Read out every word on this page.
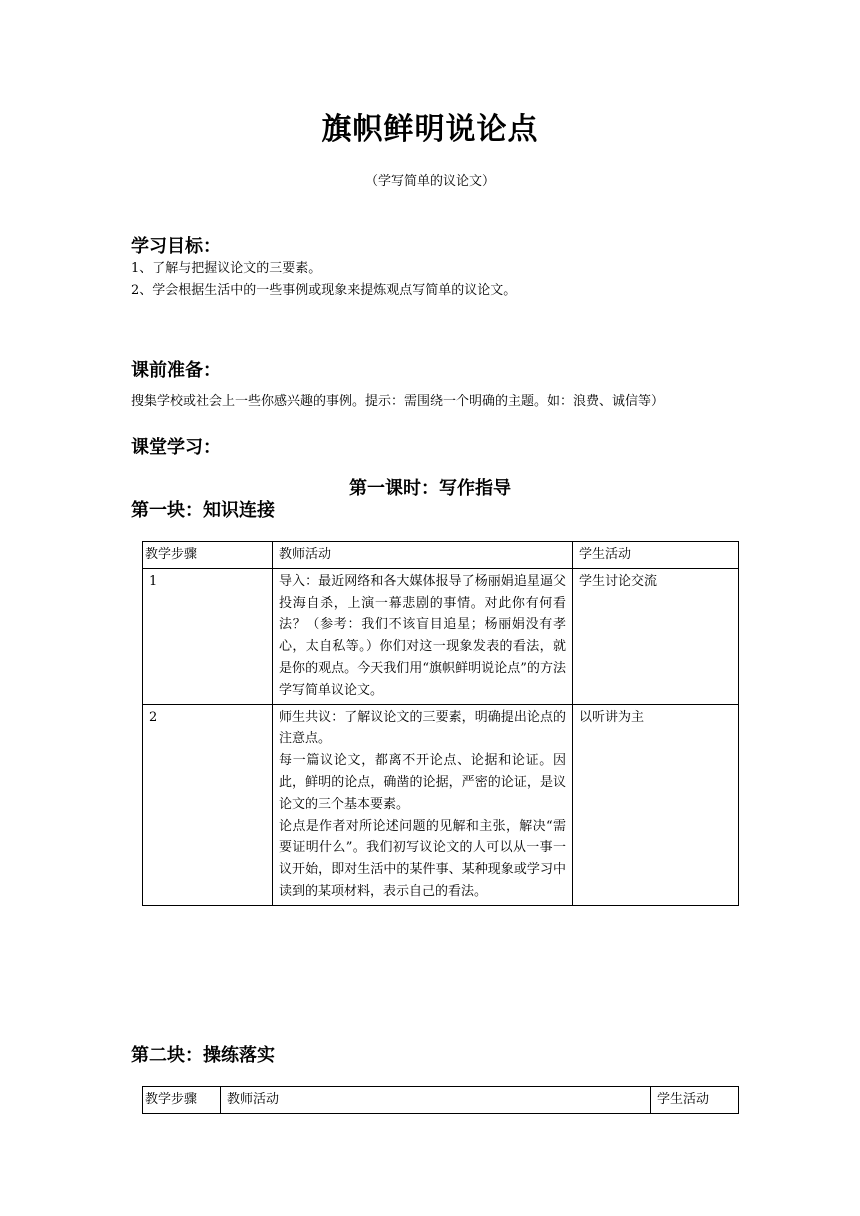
旗帜鲜明说论点
（学写简单的议论文）
学习目标：
1、了解与把握议论文的三要素。
2、学会根据生活中的一些事例或现象来提炼观点写简单的议论文。
课前准备：
搜集学校或社会上一些你感兴趣的事例。提示：需围绕一个明确的主题。如：浪费、诚信等）
课堂学习：
第一课时：写作指导
第一块：知识连接
教学步骤	教师活动	学生活动
1	导入：最近网络和各大媒体报导了杨丽娟追星逼父投海自杀，上演一幕悲剧的事情。对此你有何看法？（参考：我们不该盲目追星；杨丽娟没有孝心，太自私等。）你们对这一现象发表的看法，就是你的观点。今天我们用“旗帜鲜明说论点”的方法学写简单议论文。	学生讨论交流
2	师生共议：了解议论文的三要素，明确提出论点的注意点。

每一篇议论文，都离不开论点、论据和论证。因此，鲜明的论点，确凿的论据，严密的论证，是议论文的三个基本要素。

论点是作者对所论述问题的见解和主张，解决“需要证明什么”。我们初写议论文的人可以从一事一议开始，即对生活中的某件事、某种现象或学习中读到的某项材料，表示自己的看法。	以听讲为主
第二块：操练落实
教学步骤	教师活动	学生活动
